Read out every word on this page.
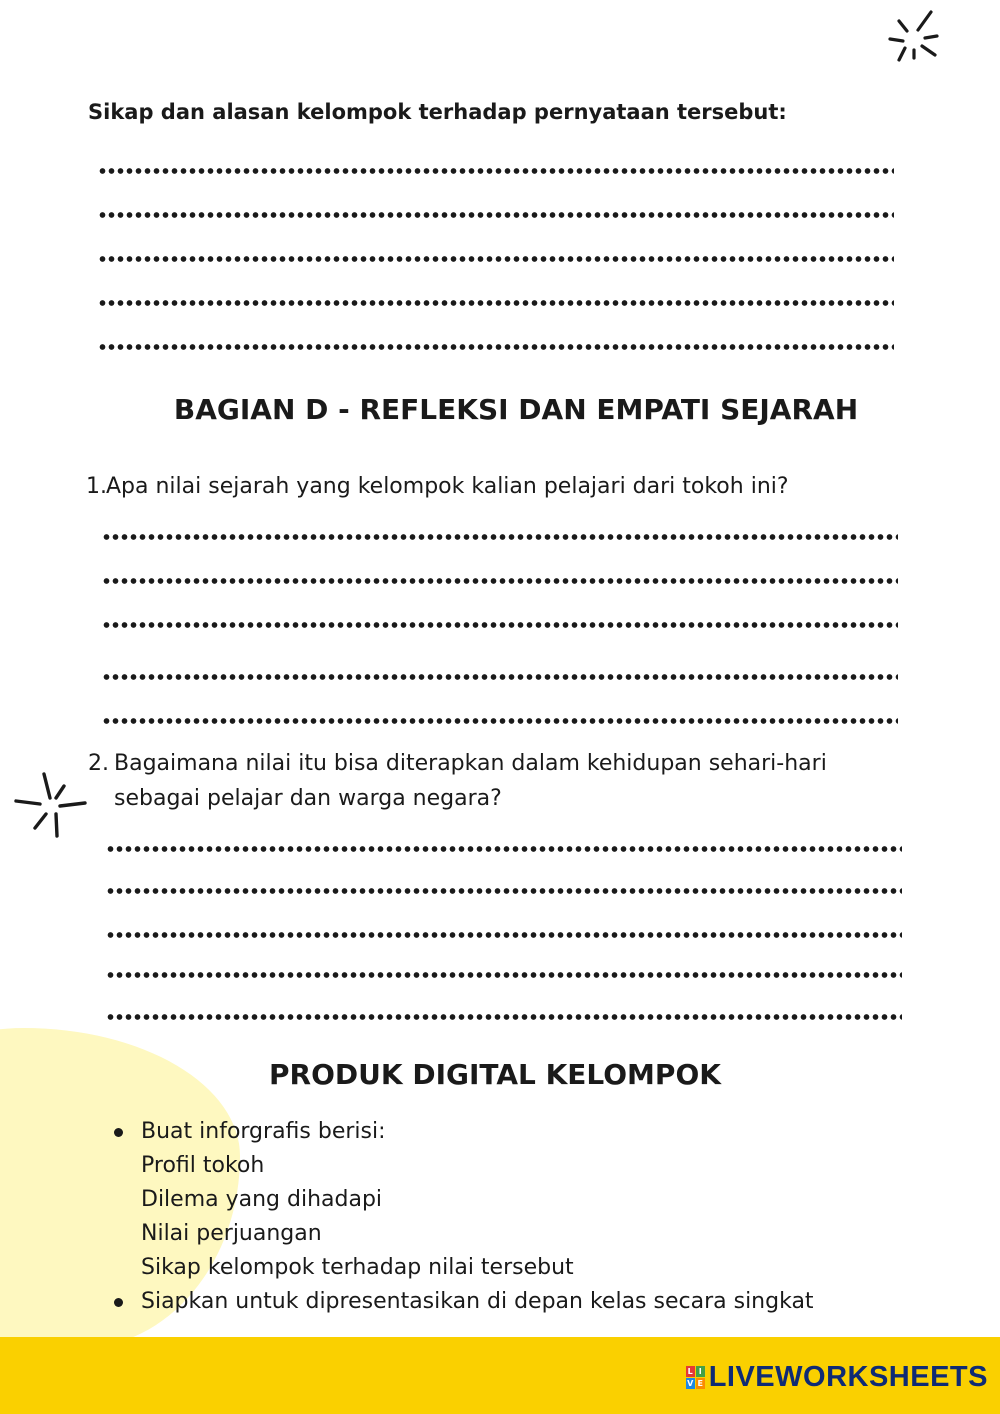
Sikap dan alasan kelompok terhadap pernyataan tersebut:
BAGIAN D - REFLEKSI DAN EMPATI SEJARAH
1. Apa nilai sejarah yang kelompok kalian pelajari dari tokoh ini?
2. Bagaimana nilai itu bisa diterapkan dalam kehidupan sehari-hari sebagai pelajar dan warga negara?
PRODUK DIGITAL KELOMPOK
Buat inforgrafis berisi:
Profil tokoh
Dilema yang dihadapi
Nilai perjuangan
Sikap kelompok terhadap nilai tersebut
Siapkan untuk dipresentasikan di depan kelas secara singkat
L I
V E LIVEWORKSHEETS
